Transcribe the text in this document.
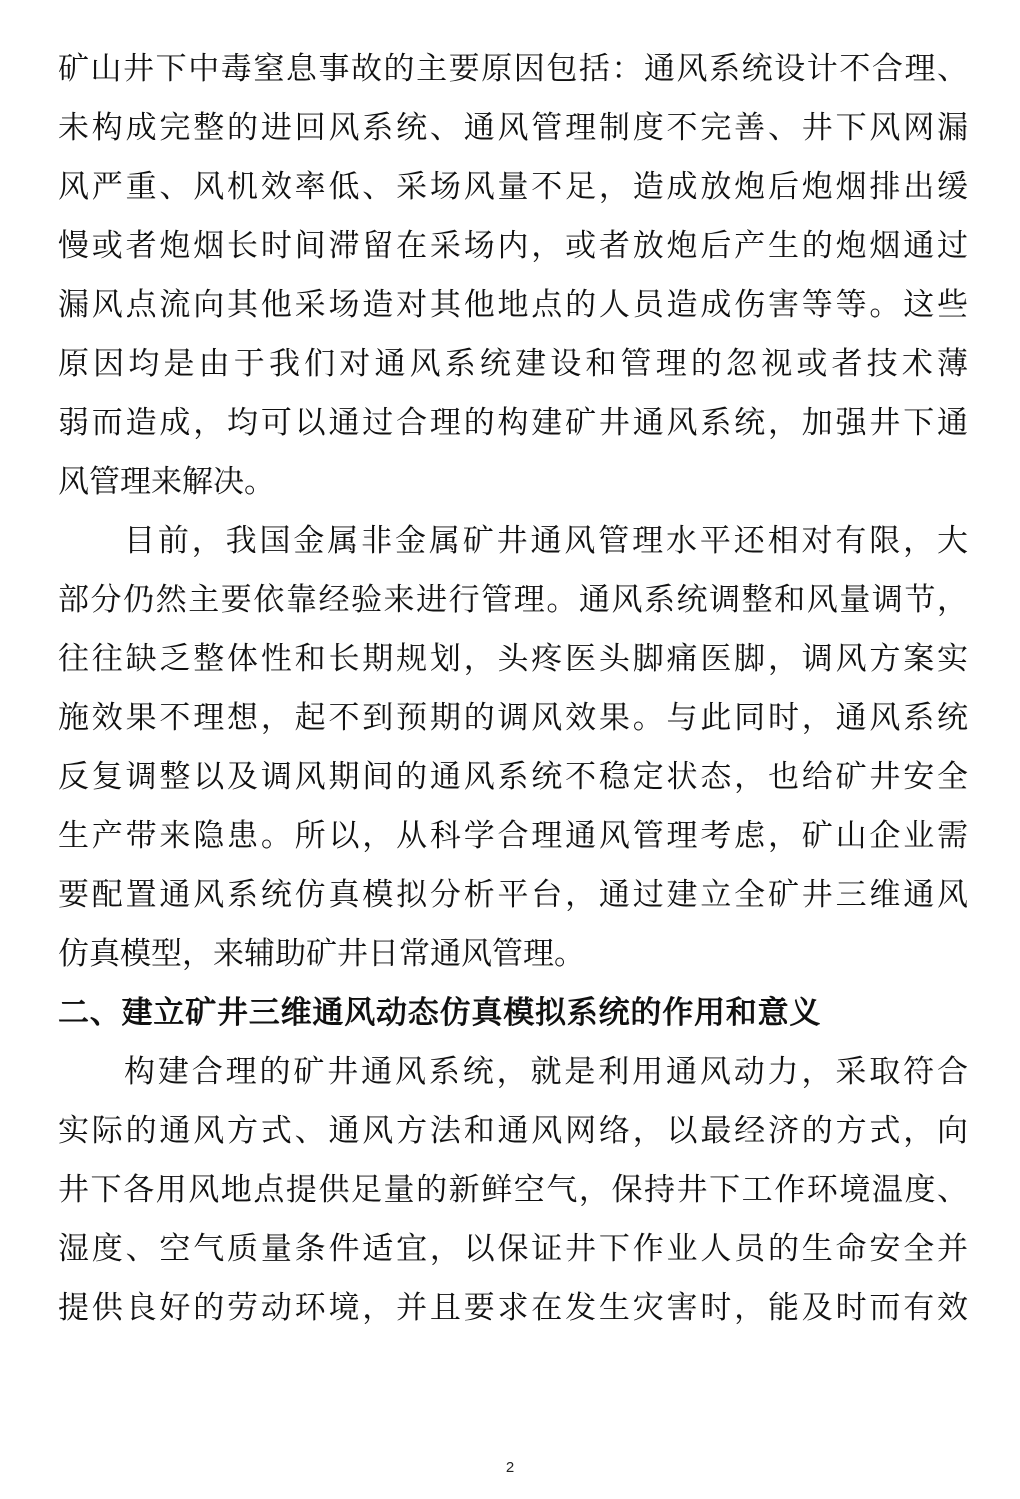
矿山井下中毒窒息事故的主要原因包括：通风系统设计不合理、
未构成完整的进回风系统、通风管理制度不完善、井下风网漏
风严重、风机效率低、采场风量不足，造成放炮后炮烟排出缓
慢或者炮烟长时间滞留在采场内，或者放炮后产生的炮烟通过
漏风点流向其他采场造对其他地点的人员造成伤害等等。这些
原因均是由于我们对通风系统建设和管理的忽视或者技术薄
弱而造成，均可以通过合理的构建矿井通风系统，加强井下通
风管理来解决。
目前，我国金属非金属矿井通风管理水平还相对有限，大
部分仍然主要依靠经验来进行管理。通风系统调整和风量调节，
往往缺乏整体性和长期规划，头疼医头脚痛医脚，调风方案实
施效果不理想，起不到预期的调风效果。与此同时，通风系统
反复调整以及调风期间的通风系统不稳定状态，也给矿井安全
生产带来隐患。所以，从科学合理通风管理考虑，矿山企业需
要配置通风系统仿真模拟分析平台，通过建立全矿井三维通风
仿真模型，来辅助矿井日常通风管理。
二、建立矿井三维通风动态仿真模拟系统的作用和意义
构建合理的矿井通风系统，就是利用通风动力，采取符合
实际的通风方式、通风方法和通风网络，以最经济的方式，向
井下各用风地点提供足量的新鲜空气，保持井下工作环境温度、
湿度、空气质量条件适宜，以保证井下作业人员的生命安全并
提供良好的劳动环境，并且要求在发生灾害时，能及时而有效
2
